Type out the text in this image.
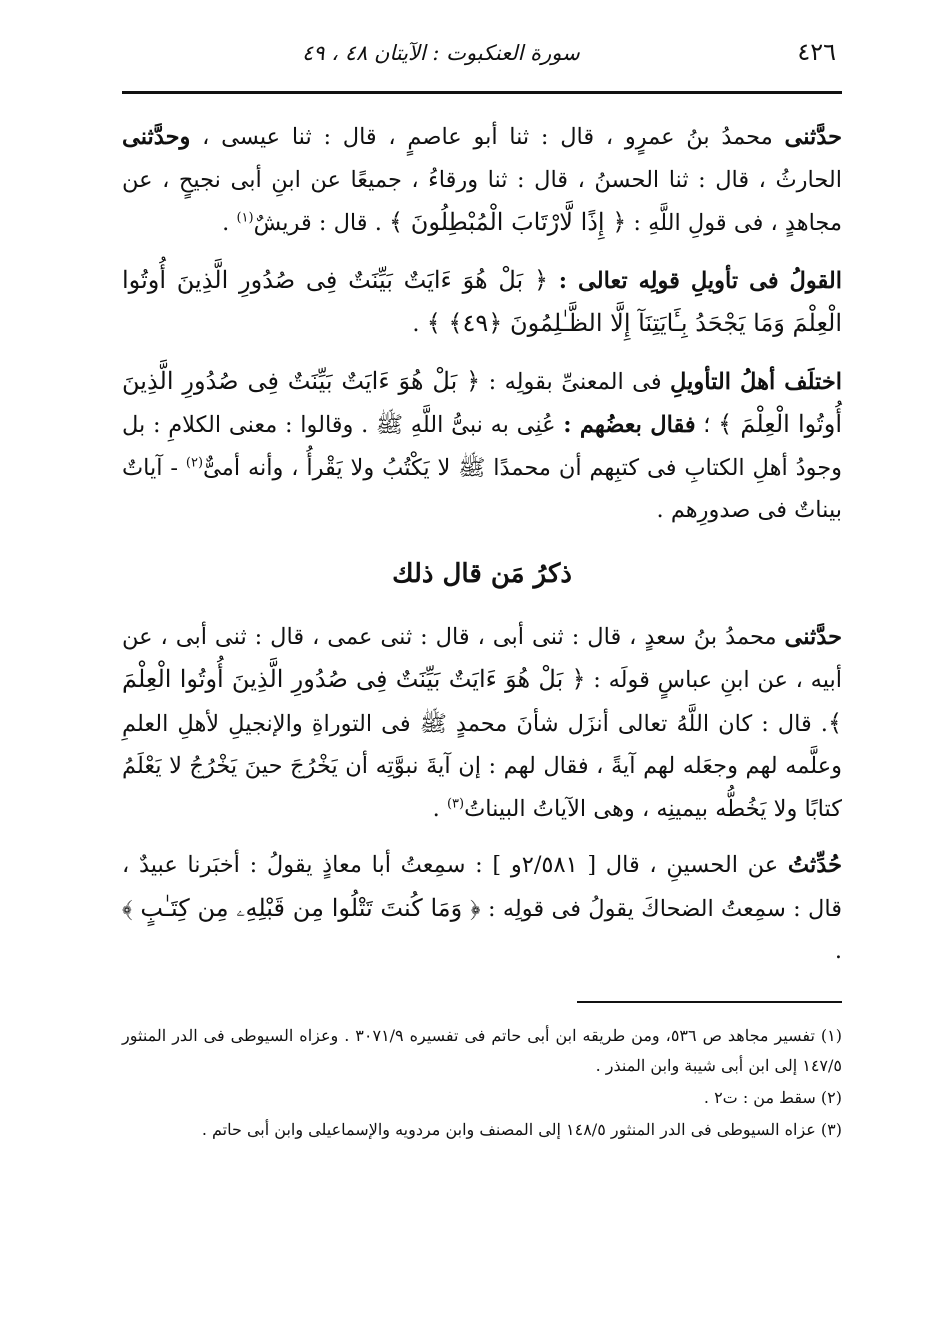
٤٢٦
سورة العنكبوت : الآيتان ٤٨ ، ٤٩

حدَّثنى محمدُ بنُ عمرٍو ، قال : ثنا أبو عاصمٍ ، قال : ثنا عيسى ، وحدَّثنى الحارثُ ، قال : ثنا الحسنُ ، قال : ثنا ورقاءُ ، جميعًا عن ابنِ أبى نجيحٍ ، عن مجاهدٍ ، فى قولِ اللَّهِ : ﴿ إِذًا لَّارْتَابَ الْمُبْطِلُونَ ﴾ . قال : قريشٌ$^{(١)}$ .

القولُ فى تأويلِ قولِه تعالى : ﴿ بَلْ هُوَ ءَايَتٌ بَيِّنَتٌ فِى صُدُورِ الَّذِينَ أُوتُوا الْعِلْمَ وَمَا يَجْحَدُ بِـَٔايَتِنَآ إِلَّا الظَّـٰلِمُونَ ﴿٤٩﴾ ﴾ .

اختلَف أهلُ التأويلِ فى المعنىِّ بقولِه : ﴿ بَلْ هُوَ ءَايَتٌ بَيِّنَتٌ فِى صُدُورِ الَّذِينَ أُوتُوا الْعِلْمَ ﴾ ؛ فقال بعضُهم : عُنِى به نبىُّ اللَّهِ ﷺ . وقالوا : معنى الكلامِ : بل وجودُ أهلِ الكتابِ فى كتبِهم أن محمدًا ﷺ لا يَكْتُبُ ولا يَقْرأُ ، وأنه أمىٌّ$^{(٢)}$ - آياتٌ بيناتٌ فى صدورِهم .

ذكرُ مَن قال ذلك

حدَّثنى محمدُ بنُ سعدٍ ، قال : ثنى أبى ، قال : ثنى عمى ، قال : ثنى أبى ، عن أبيه ، عن ابنِ عباسٍ قولَه : ﴿ بَلْ هُوَ ءَايَتٌ بَيِّنَتٌ فِى صُدُورِ الَّذِينَ أُوتُوا الْعِلْمَ ﴾. قال : كان اللَّهُ تعالى أنزَل شأنَ محمدٍ ﷺ فى التوراةِ والإنجيلِ لأهلِ العلمِ وعلَّمه لهم وجعَله لهم آيةً ، فقال لهم : إن آيةَ نبوَّتِه أن يَخْرُجَ حينَ يَخْرُجُ لا يَعْلَمُ كتابًا ولا يَخُطُّه بيمينِه ، وهى الآياتُ البيناتُ$^{(٣)}$ .

حُدِّثتُ عن الحسينِ ، قال [ ٢/٥٨١و ] : سمِعتُ أبا معاذٍ يقولُ : أخبَرنا عبيدٌ ، قال : سمِعتُ الضحاكَ يقولُ فى قولِه : ﴿ وَمَا كُنتَ تَتْلُوا مِن قَبْلِهِۦ مِن كِتَـٰبٍ ﴾ .

(١) تفسير مجاهد ص ٥٣٦، ومن طريقه ابن أبى حاتم فى تفسيره ٣٠٧١/٩ . وعزاه السيوطى فى الدر المنثور ١٤٧/٥ إلى ابن أبى شيبة وابن المنذر .

(٢) سقط من : ت٢ .

(٣) عزاه السيوطى فى الدر المنثور ١٤٨/٥ إلى المصنف وابن مردويه والإسماعيلى وابن أبى حاتم .
